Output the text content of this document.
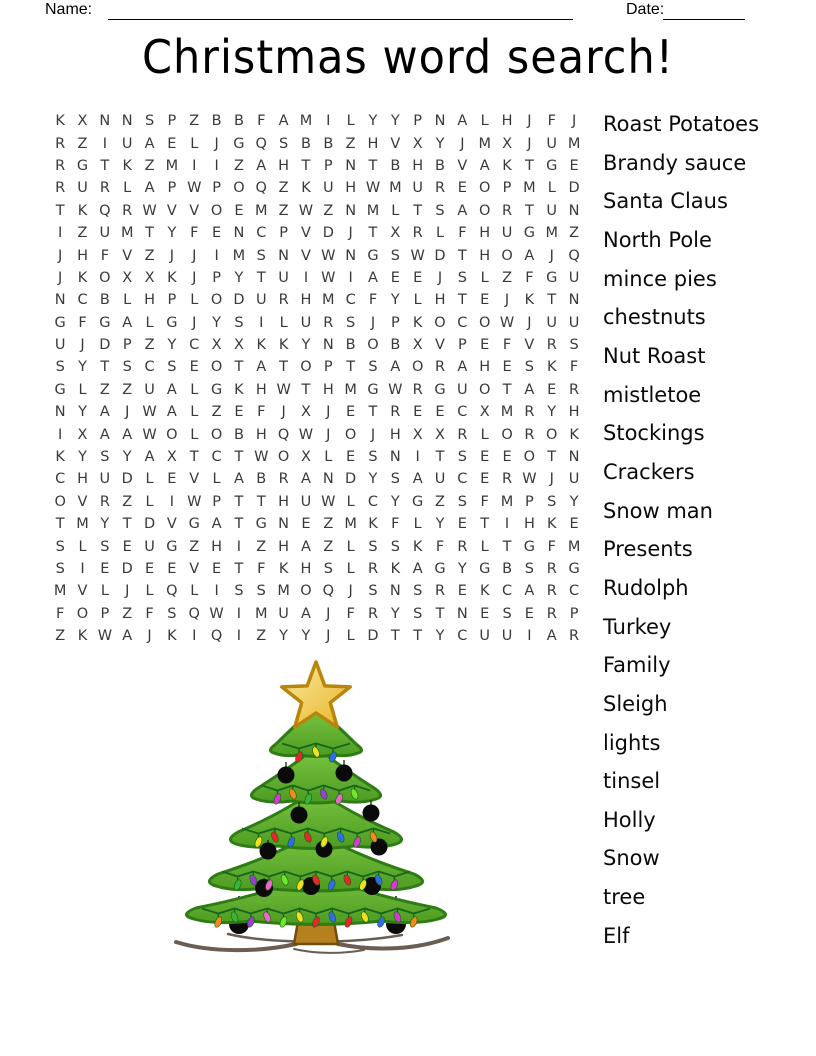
Name:	Date:
Christmas word search!
K X N N S P Z B B F A M I	L Y Y P N A L H	J	F	J
R Z	I	U A E L	J	G Q S B B Z H V X Y	J M X	J	U M
R G T K Z M I	I	Z A H T P N T B H B V A K T G E
R U R L A P W P O Q Z K U H W M U R E O P M L D
T K Q R W V V O E M Z W Z N M L T S A O R T U N
I	Z U M T Y F E N C P V D	J	T X R L F H U G M Z
J	H F V Z	J	J	I M S N V W N G S W D T H O A	J Q
J	K O X X K	J	P Y T U	I W I	A E E	J	S L Z F G U
N C B L H P L O D U R H M C F Y L H T E	J	K T N
G F G A L G	J	Y S	I	L U R S	J	P K O C O W J	U U
U	J	D P Z Y C X X K K Y N B O B X V P E F V R S
S Y T S C S E O T A T O P T S A O R A H E S K F
G L Z Z U A L G K H W T H M G W R G U O T A E R
N Y A	J W A L Z E F	J	X	J	E T R E E C X M R Y H
I	X A A W O L O B H Q W J O	J	H X X R L O R O K
K Y S Y A X T C T W O X L E S N	I	T S E E O T N
C H U D L E V L A B R A N D Y S A U C E R W J	U
O V R Z L	I W P T T H U W L C Y G Z S F M P S Y
T M Y T D V G A T G N E Z M K F L Y E T	I	H K E
S L S E U G Z H	I	Z H A Z L S S K F R L T G F M
S	I	E D E E V E T F K H S L R K A G Y G B S R G
M V L	J	L Q L	I	S S M O Q	J	S N S R E K C A R C
F O P Z F S Q W I M U A	J	F R Y S T N E S E R P
Z K W A	J	K	I Q	I	Z Y Y	J	L D T T Y C U U	I	A R
Roast Potatoes
Brandy sauce
Santa Claus
North Pole
mince pies
chestnuts
Nut Roast
mistletoe
Stockings
Crackers
Snow man
Presents
Rudolph
Turkey
Family
Sleigh
lights
tinsel
Holly
Snow
tree
Elf
